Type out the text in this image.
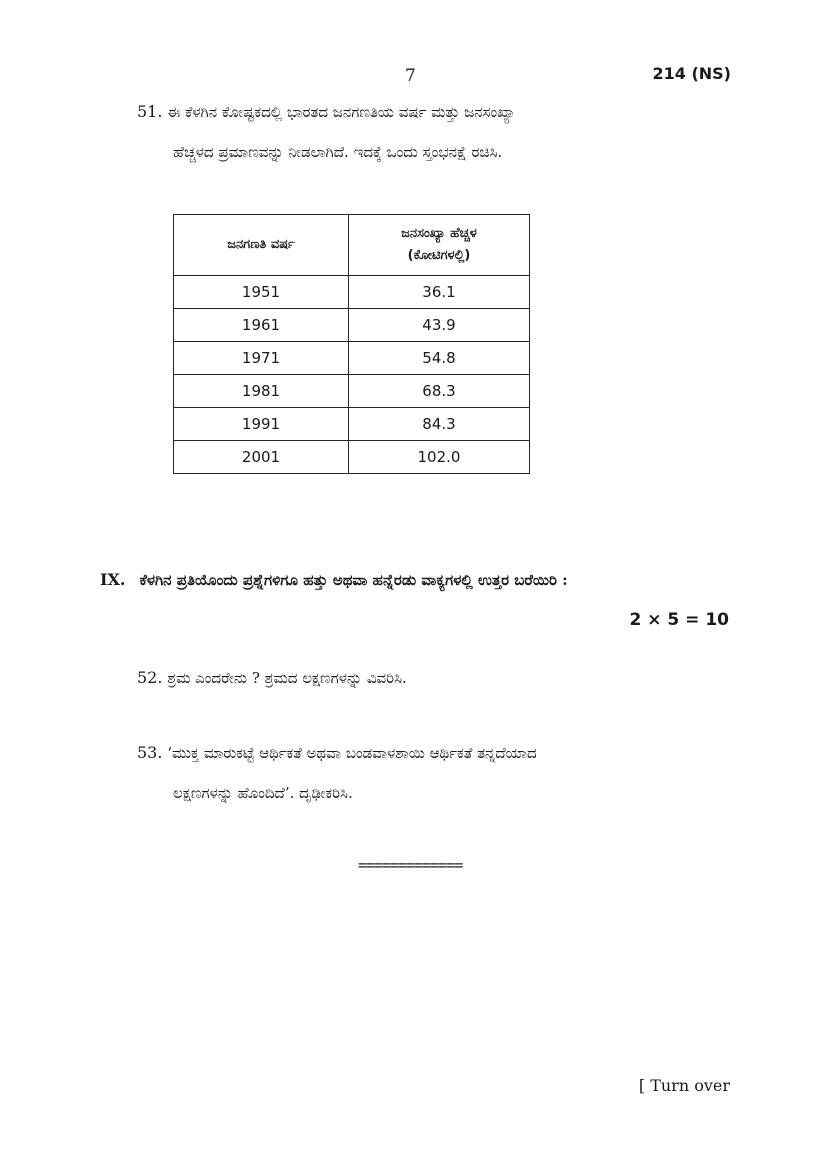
7	214 (NS)
51. ಈ ಕೆಳಗಿನ ಕೋಷ್ಟಕದಲ್ಲಿ ಭಾರತದ ಜನಗಣತಿಯ ವರ್ಷ ಮತ್ತು ಜನಸಂಖ್ಯಾ
ಹೆಚ್ಚಳದ ಪ್ರಮಾಣವನ್ನು ನೀಡಲಾಗಿದೆ. ಇದಕ್ಕೆ ಒಂದು ಸ್ತಂಭನಕ್ಷೆ ರಚಿಸಿ.
ಜನಗಣತಿ ವರ್ಷ	ಜನಸಂಖ್ಯಾ ಹೆಚ್ಚಳ
(ಕೋಟಿಗಳಲ್ಲಿ)

1951	36.1
1961	43.9
1971	54.8
1981	68.3
1991	84.3
2001	102.0
IX. ಕೆಳಗಿನ ಪ್ರತಿಯೊಂದು ಪ್ರಶ್ನೆಗಳಿಗೂ ಹತ್ತು ಅಥವಾ ಹನ್ನೆರಡು ವಾಕ್ಯಗಳಲ್ಲಿ ಉತ್ತರ ಬರೆಯಿರಿ :
2 × 5 = 10
52. ಶ್ರಮ ಎಂದರೇನು ? ಶ್ರಮದ ಲಕ್ಷಣಗಳನ್ನು ವಿವರಿಸಿ.
53. ‘ಮುಕ್ತ ಮಾರುಕಟ್ಟೆ ಆರ್ಥಿಕತೆ ಅಥವಾ ಬಂಡವಾಳಶಾಯಿ ಆರ್ಥಿಕತೆ ತನ್ನದೆಯಾದ
ಲಕ್ಷಣಗಳನ್ನು ಹೊಂದಿದೆ’. ದೃಢೀಕರಿಸಿ.
=============
[ Turn over
